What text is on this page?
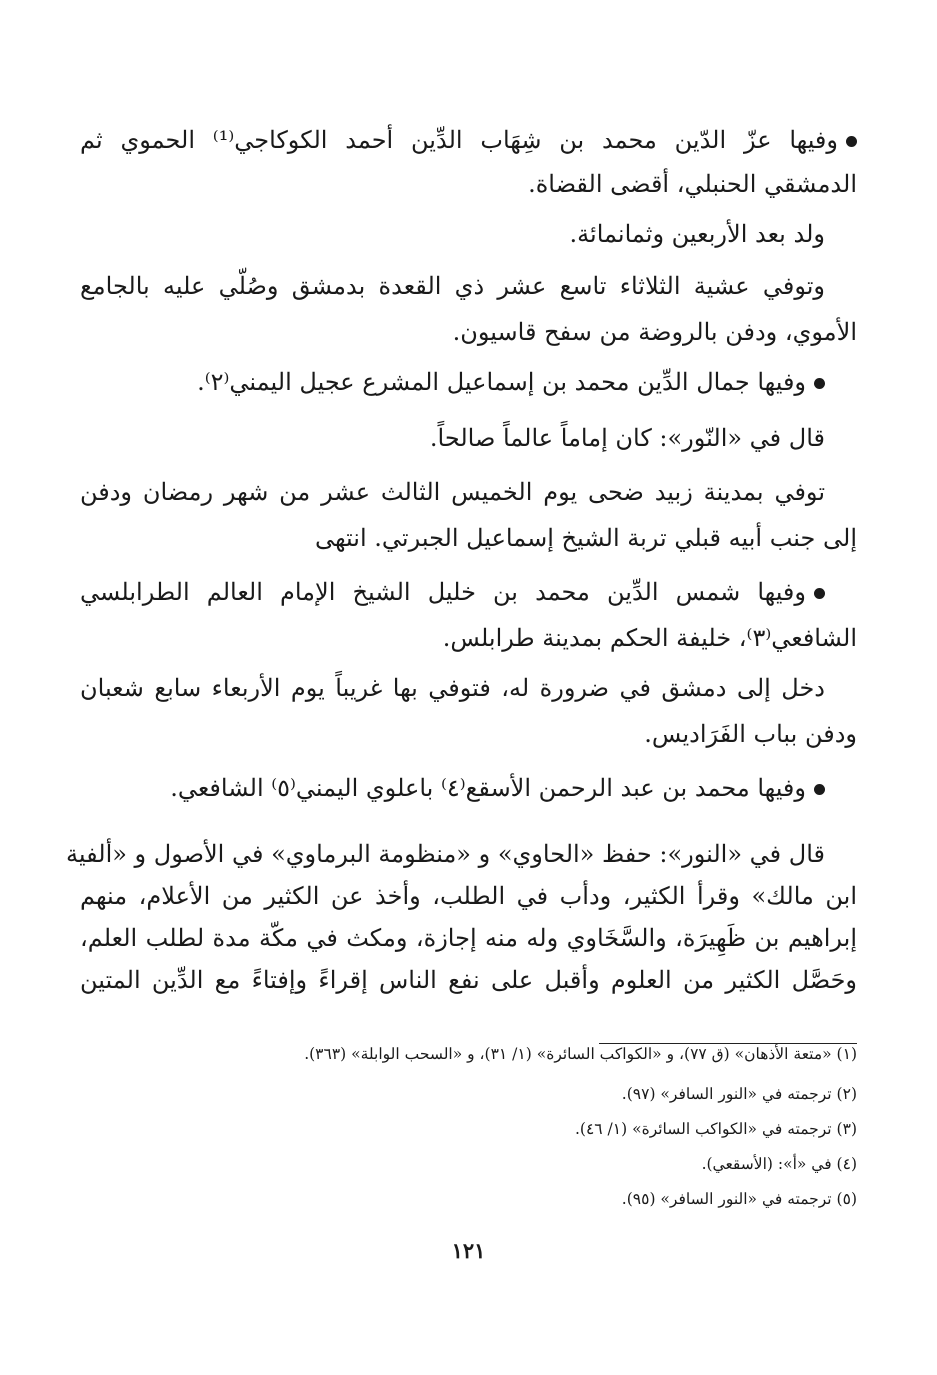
وفيها عزّ الدّين محمد بن شِهَاب الدِّين أحمد الكوكاجي⁽¹⁾ الحموي ثم
الدمشقي الحنبلي، أقضى القضاة.
ولد بعد الأربعين وثمانمائة.
وتوفي عشية الثلاثاء تاسع عشر ذي القعدة بدمشق وصُلّي عليه بالجامع
الأموي، ودفن بالروضة من سفح قاسيون.
وفيها جمال الدِّين محمد بن إسماعيل المشرع عجيل اليمني⁽٢⁾.
قال في «النّور»: كان إماماً عالماً صالحاً.
توفي بمدينة زبيد ضحى يوم الخميس الثالث عشر من شهر رمضان ودفن
إلى جنب أبيه قبلي تربة الشيخ إسماعيل الجبرتي. انتهى
وفيها شمس الدِّين محمد بن خليل الشيخ الإمام العالم الطرابلسي
الشافعي⁽٣⁾، خليفة الحكم بمدينة طرابلس.
دخل إلى دمشق في ضرورة له، فتوفي بها غريباً يوم الأربعاء سابع شعبان
ودفن بباب الفَرَاديس.
وفيها محمد بن عبد الرحمن الأسقع⁽٤⁾ باعلوي اليمني⁽٥⁾ الشافعي.
قال في «النور»: حفظ «الحاوي» و «منظومة البرماوي» في الأصول و «ألفية
ابن مالك» وقرأ الكثير، ودأب في الطلب، وأخذ عن الكثير من الأعلام، منهم
إبراهيم بن ظَهِيرَة، والسَّخَاوي وله منه إجازة، ومكث في مكّة مدة لطلب العلم،
وحَصَّل الكثير من العلوم وأقبل على نفع الناس إقراءً وإفتاءً مع الدِّين المتين
(١) «متعة الأذهان» (ق ٧٧)، و «الكواكب السائرة» (١/ ٣١)، و «السحب الوابلة» (٣٦٣).
(٢) ترجمته في «النور السافر» (٩٧).
(٣) ترجمته في «الكواكب السائرة» (١/ ٤٦).
(٤) في «أ»: (الأسقعي).
(٥) ترجمته في «النور السافر» (٩٥).
١٢١
